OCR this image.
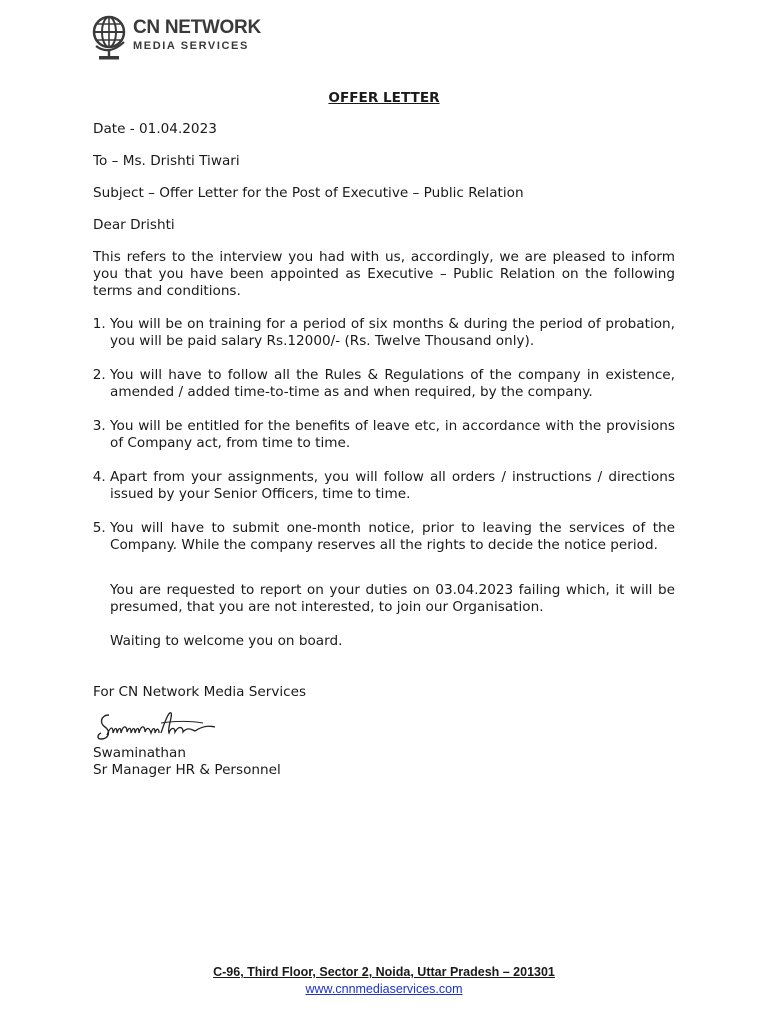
CN NETWORK
MEDIA SERVICES
OFFER LETTER
Date - 01.04.2023
To – Ms. Drishti Tiwari
Subject – Offer Letter for the Post of Executive – Public Relation
Dear Drishti
This refers to the interview you had with us, accordingly, we are pleased to inform you that you have been appointed as Executive – Public Relation on the following terms and conditions.
1. You will be on training for a period of six months & during the period of probation, you will be paid salary Rs.12000/- (Rs. Twelve Thousand only).
2. You will have to follow all the Rules & Regulations of the company in existence, amended / added time-to-time as and when required, by the company.
3. You will be entitled for the benefits of leave etc, in accordance with the provisions of Company act, from time to time.
4. Apart from your assignments, you will follow all orders / instructions / directions issued by your Senior Officers, time to time.
5. You will have to submit one-month notice, prior to leaving the services of the Company. While the company reserves all the rights to decide the notice period.
You are requested to report on your duties on 03.04.2023 failing which, it will be presumed, that you are not interested, to join our Organisation.
Waiting to welcome you on board.
For CN Network Media Services
Swaminathan
Sr Manager HR & Personnel
C-96, Third Floor, Sector 2, Noida, Uttar Pradesh – 201301
www.cnnmediaservices.com
